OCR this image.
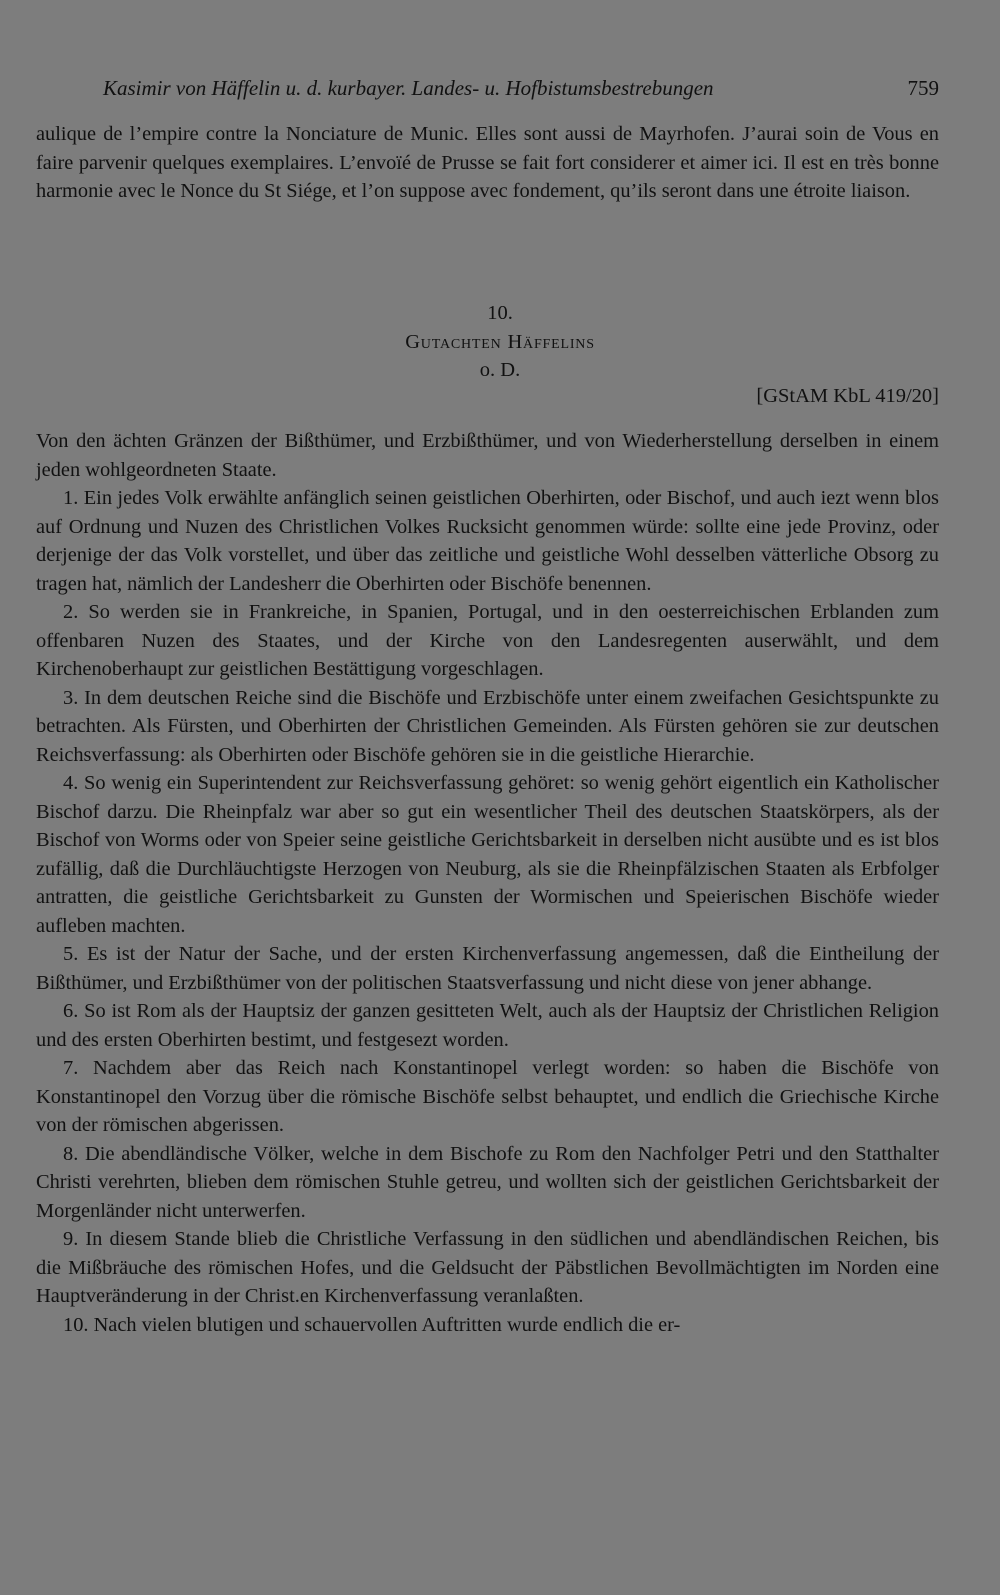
Kasimir von Häffelin u. d. kurbayer. Landes- u. Hofbistumsbestrebungen	759

aulique de l’empire contre la Nonciature de Munic. Elles sont aussi de Mayrhofen. J’aurai soin de Vous en faire parvenir quelques exemplaires. L’envoïé de Prusse se fait fort considerer et aimer ici. Il est en très bonne harmonie avec le Nonce du St Siége, et l’on suppose avec fondement, qu’ils seront dans une étroite liaison.

10.
Gutachten Häffelins
o. D.
[GStAM KbL 419/20]

Von den ächten Gränzen der Bißthümer, und Erzbißthümer, und von Wiederherstellung derselben in einem jeden wohlgeordneten Staate.

1. Ein jedes Volk erwählte anfänglich seinen geistlichen Oberhirten, oder Bischof, und auch iezt wenn blos auf Ordnung und Nuzen des Christlichen Volkes Rucksicht genommen würde: sollte eine jede Provinz, oder derjenige der das Volk vorstellet, und über das zeitliche und geistliche Wohl desselben vätterliche Obsorg zu tragen hat, nämlich der Landesherr die Oberhirten oder Bischöfe benennen.

2. So werden sie in Frankreiche, in Spanien, Portugal, und in den oesterreichischen Erblanden zum offenbaren Nuzen des Staates, und der Kirche von den Landesregenten auserwählt, und dem Kirchenoberhaupt zur geistlichen Bestättigung vorgeschlagen.

3. In dem deutschen Reiche sind die Bischöfe und Erzbischöfe unter einem zweifachen Gesichtspunkte zu betrachten. Als Fürsten, und Oberhirten der Christlichen Gemeinden. Als Fürsten gehören sie zur deutschen Reichsverfassung: als Oberhirten oder Bischöfe gehören sie in die geistliche Hierarchie.

4. So wenig ein Superintendent zur Reichsverfassung gehöret: so wenig gehört eigentlich ein Katholischer Bischof darzu. Die Rheinpfalz war aber so gut ein wesentlicher Theil des deutschen Staatskörpers, als der Bischof von Worms oder von Speier seine geistliche Gerichtsbarkeit in derselben nicht ausübte und es ist blos zufällig, daß die Durchläuchtigste Herzogen von Neuburg, als sie die Rheinpfälzischen Staaten als Erbfolger antratten, die geistliche Gerichtsbarkeit zu Gunsten der Wormischen und Speierischen Bischöfe wieder aufleben machten.

5. Es ist der Natur der Sache, und der ersten Kirchenverfassung angemessen, daß die Eintheilung der Bißthümer, und Erzbißthümer von der politischen Staatsverfassung und nicht diese von jener abhange.

6. So ist Rom als der Hauptsiz der ganzen gesitteten Welt, auch als der Hauptsiz der Christlichen Religion und des ersten Oberhirten bestimt, und festgesezt worden.

7. Nachdem aber das Reich nach Konstantinopel verlegt worden: so haben die Bischöfe von Konstantinopel den Vorzug über die römische Bischöfe selbst behauptet, und endlich die Griechische Kirche von der römischen abgerissen.

8. Die abendländische Völker, welche in dem Bischofe zu Rom den Nachfolger Petri und den Statthalter Christi verehrten, blieben dem römischen Stuhle getreu, und wollten sich der geistlichen Gerichtsbarkeit der Morgenländer nicht unterwerfen.

9. In diesem Stande blieb die Christliche Verfassung in den südlichen und abendländischen Reichen, bis die Mißbräuche des römischen Hofes, und die Geldsucht der Päbstlichen Bevollmächtigten im Norden eine Hauptveränderung in der Christ.en Kirchenverfassung veranlaßten.

10. Nach vielen blutigen und schauervollen Auftritten wurde endlich die er-
